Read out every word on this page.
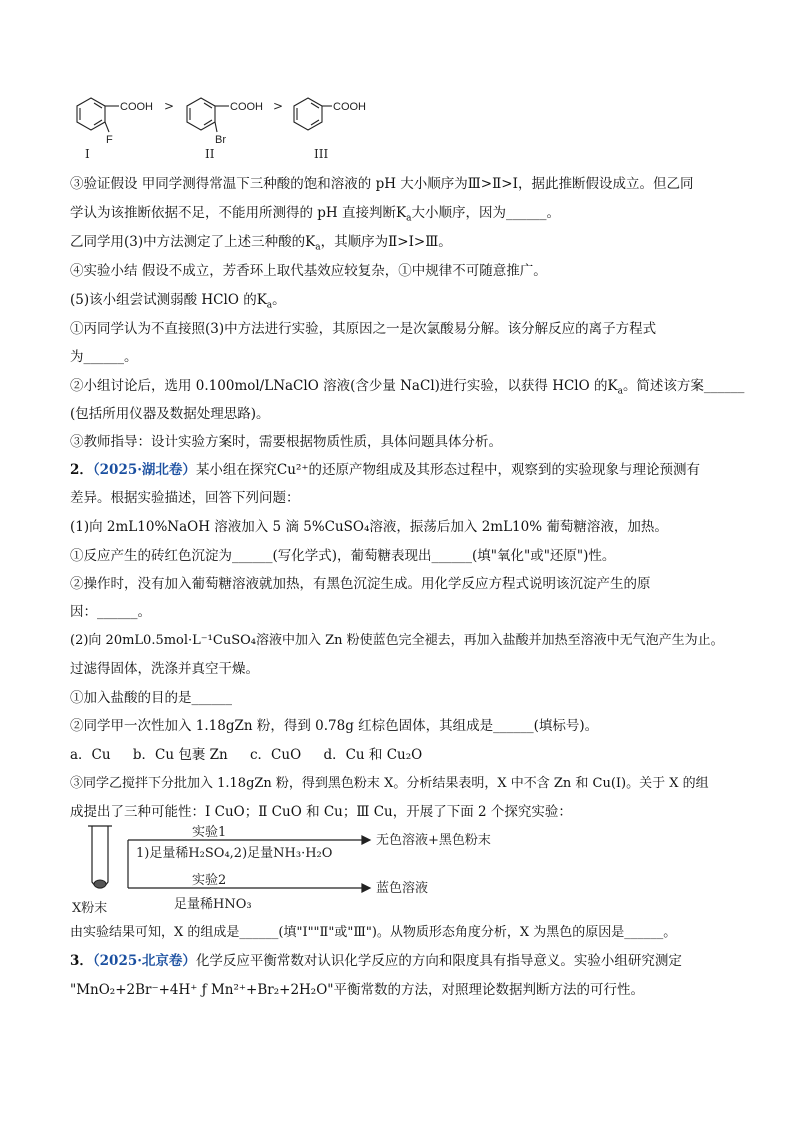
COOH
F
>	COOH
Br
>	COOH
I	II	III
③验证假设 甲同学测得常温下三种酸的饱和溶液的 pH 大小顺序为Ⅲ>Ⅱ>Ⅰ，据此推断假设成立。但乙同
学认为该推断依据不足，不能用所测得的 pH 直接判断$K_a$大小顺序，因为______。
乙同学用(3)中方法测定了上述三种酸的$K_a$，其顺序为Ⅱ>Ⅰ>Ⅲ。
④实验小结 假设不成立，芳香环上取代基效应较复杂，①中规律不可随意推广。
(5)该小组尝试测弱酸 HClO 的$K_a$。
①丙同学认为不直接照(3)中方法进行实验，其原因之一是次氯酸易分解。该分解反应的离子方程式
为______。
②小组讨论后，选用 0.100mol/LNaClO 溶液(含少量 NaCl)进行实验，以获得 HClO 的$K_a$。简述该方案______
(包括所用仪器及数据处理思路)。
③教师指导：设计实验方案时，需要根据物质性质，具体问题具体分析。
2．（2025·湖北卷）某小组在探究Cu²⁺的还原产物组成及其形态过程中，观察到的实验现象与理论预测有
差异。根据实验描述，回答下列问题：
(1)向 2mL10%NaOH 溶液加入 5 滴 5%CuSO₄溶液，振荡后加入 2mL10% 葡萄糖溶液，加热。
①反应产生的砖红色沉淀为______(写化学式)，葡萄糖表现出______(填"氧化"或"还原")性。
②操作时，没有加入葡萄糖溶液就加热，有黑色沉淀生成。用化学反应方程式说明该沉淀产生的原
因：______。
(2)向 20mL0.5mol·L⁻¹CuSO₄溶液中加入 Zn 粉使蓝色完全褪去，再加入盐酸并加热至溶液中无气泡产生为止。
过滤得固体，洗涤并真空干燥。
①加入盐酸的目的是______
②同学甲一次性加入 1.18gZn 粉，得到 0.78g 红棕色固体，其组成是______(填标号)。
a．Cu b．Cu 包裹 Zn c．CuO d．Cu 和 Cu₂O
③同学乙搅拌下分批加入 1.18gZn 粉，得到黑色粉末 X。分析结果表明，X 中不含 Zn 和 Cu(Ⅰ)。关于 X 的组
成提出了三种可能性：Ⅰ CuO；Ⅱ CuO 和 Cu；Ⅲ Cu，开展了下面 2 个探究实验：
实验1
1)足量稀H₂SO₄,2)足量NH₃·H₂O
无色溶液+黑色粉末
实验2
足量稀HNO₃
蓝色溶液
X粉末
由实验结果可知，X 的组成是______(填"Ⅰ""Ⅱ"或"Ⅲ")。从物质形态角度分析，X 为黑色的原因是______。
3．（2025·北京卷）化学反应平衡常数对认识化学反应的方向和限度具有指导意义。实验小组研究测定
"MnO₂+2Br⁻+4H⁺ ƒ Mn²⁺+Br₂+2H₂O"平衡常数的方法，对照理论数据判断方法的可行性。
